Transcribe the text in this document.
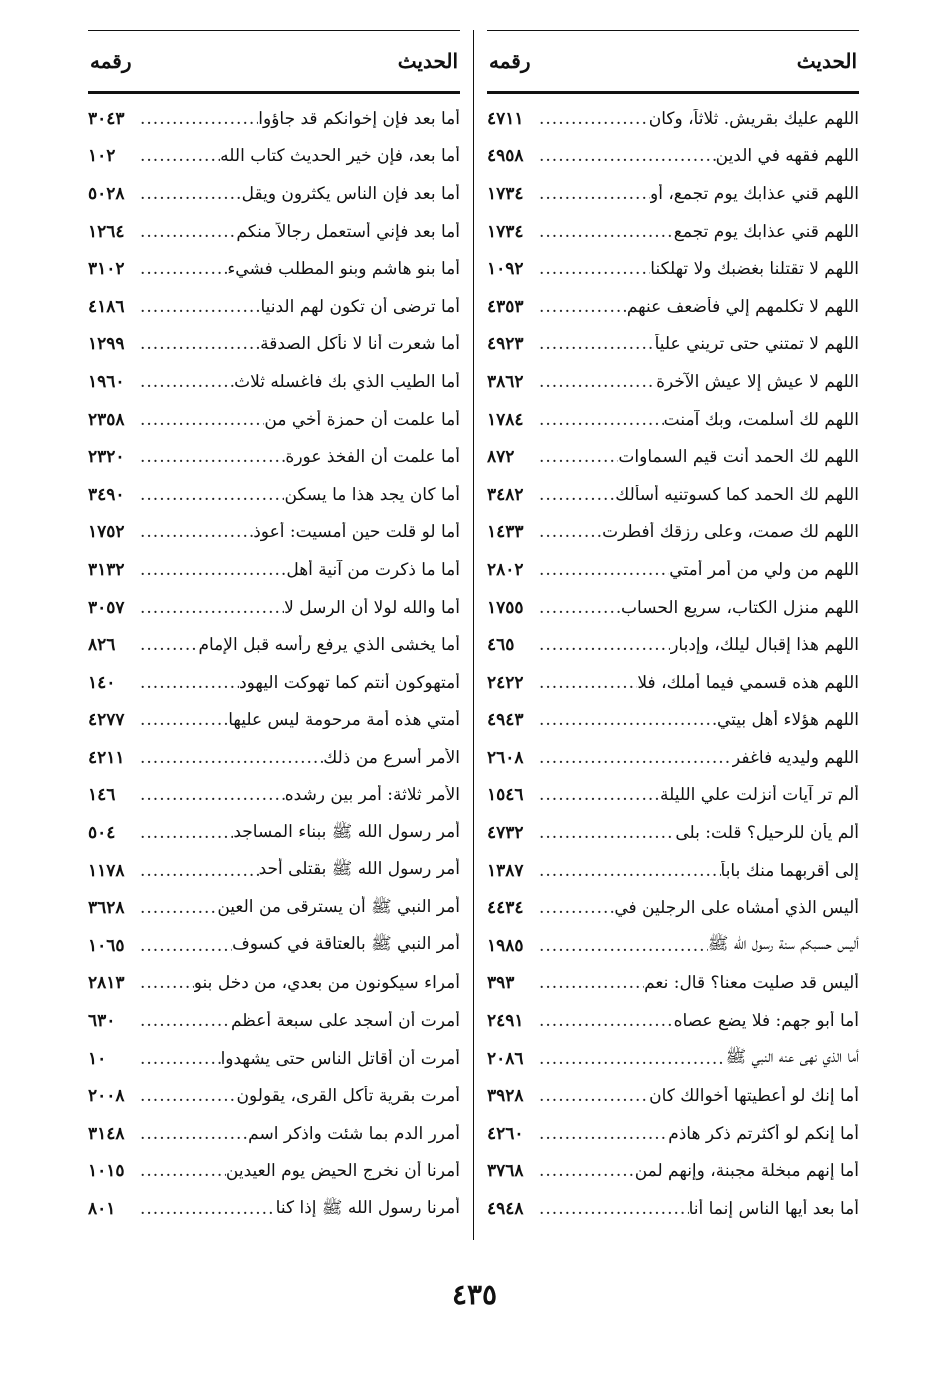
الحديث
رقمه
اللهم عليك بقريش. ثلاثاً، وكان
.....
٤٧١١
اللهم فقهه في الدين
.....
٤٩٥٨
اللهم قني عذابك يوم تجمع، أو
.....
١٧٣٤
اللهم قني عذابك يوم تجمع
.....
١٧٣٤
اللهم لا تقتلنا بغضبك ولا تهلكنا
.....
١٠٩٢
اللهم لا تكلمهم إلي فأضعف عنهم
.....
٤٣٥٣
اللهم لا تمتني حتى تريني علياً
.....
٤٩٢٣
اللهم لا عيش إلا عيش الآخرة
.....
٣٨٦٢
اللهم لك أسلمت، وبك آمنت
.....
١٧٨٤
اللهم لك الحمد أنت قيم السماوات
.....
٨٧٢
اللهم لك الحمد كما كسوتنيه أسألك
.....
٣٤٨٢
اللهم لك صمت، وعلى رزقك أفطرت
.....
١٤٣٣
اللهم من ولي من أمر أمتي
.....
٢٨٠٢
اللهم منزل الكتاب، سريع الحساب
.....
١٧٥٥
اللهم هذا إقبال ليلك، وإدبار
.....
٤٦٥
اللهم هذه قسمي فيما أملك، فلا
.....
٢٤٢٢
اللهم هؤلاء أهل بيتي
.....
٤٩٤٣
اللهم وليديه فاغفر
.....
٢٦٠٨
ألم تر آيات أنزلت علي الليلة
.....
١٥٤٦
ألم يأن للرحيل؟ قلت: بلى
.....
٤٧٣٢
إلى أقربهما منك باباً
.....
١٣٨٧
أليس الذي أمشاه على الرجلين في
.....
٤٤٣٤
أليس حسبكم سنة رسول الله ﷺ
.....
١٩٨٥
أليس قد صليت معنا؟ قال: نعم
.....
٣٩٣
أما أبو جهم: فلا يضع عصاه
.....
٢٤٩١
أما الذي نهى عنه النبي ﷺ
.....
٢٠٨٦
أما إنك لو أعطيتها أخوالك كان
.....
٣٩٢٨
أما إنكم لو أكثرتم ذكر هاذم
.....
٤٢٦٠
أما إنهم مبخلة مجبنة، وإنهم لمن
.....
٣٧٦٨
أما بعد أيها الناس إنما أنا
.....
٤٩٤٨
الحديث
رقمه
أما بعد فإن إخوانكم قد جاؤوا
.....
٣٠٤٣
أما بعد، فإن خير الحديث كتاب الله
.....
١٠٢
أما بعد فإن الناس يكثرون ويقل
.....
٥٠٢٨
أما بعد فإني أستعمل رجالاً منكم
.....
١٢٦٤
أما بنو هاشم وبنو المطلب فشيء
.....
٣١٠٢
أما ترضى أن تكون لهم الدنيا
.....
٤١٨٦
أما شعرت أنا لا نأكل الصدقة
.....
١٢٩٩
أما الطيب الذي بك فاغسله ثلاث
.....
١٩٦٠
أما علمت أن حمزة أخي من
.....
٢٣٥٨
أما علمت أن الفخذ عورة
.....
٢٣٢٠
أما كان يجد هذا ما يسكن
.....
٣٤٩٠
أما لو قلت حين أمسيت: أعوذ
.....
١٧٥٢
أما ما ذكرت من آنية أهل
.....
٣١٣٢
أما والله لولا أن الرسل لا
.....
٣٠٥٧
أما يخشى الذي يرفع رأسه قبل الإمام
.....
٨٢٦
أمتهوكون أنتم كما تهوكت اليهود
.....
١٤٠
أمتي هذه أمة مرحومة ليس عليها
.....
٤٢٧٧
الأمر أسرع من ذلك
.....
٤٢١١
الأمر ثلاثة: أمر بين رشده
.....
١٤٦
أمر رسول الله ﷺ ببناء المساجد
.....
٥٠٤
أمر رسول الله ﷺ بقتلى أحد
.....
١١٧٨
أمر النبي ﷺ أن يسترقى من العين
.....
٣٦٢٨
أمر النبي ﷺ بالعتاقة في كسوف
.....
١٠٦٥
أمراء سيكونون من بعدي، من دخل بنو
.....
٢٨١٣
أمرت أن أسجد على سبعة أعظم
.....
٦٣٠
أمرت أن أقاتل الناس حتى يشهدوا
.....
١٠
أمرت بقرية تأكل القرى، يقولون
.....
٢٠٠٨
أمرر الدم بما شئت واذكر اسم
.....
٣١٤٨
أمرنا أن نخرج الحيض يوم العيدين
.....
١٠١٥
أمرنا رسول الله ﷺ إذا كنا
.....
٨٠١
٤٣٥
